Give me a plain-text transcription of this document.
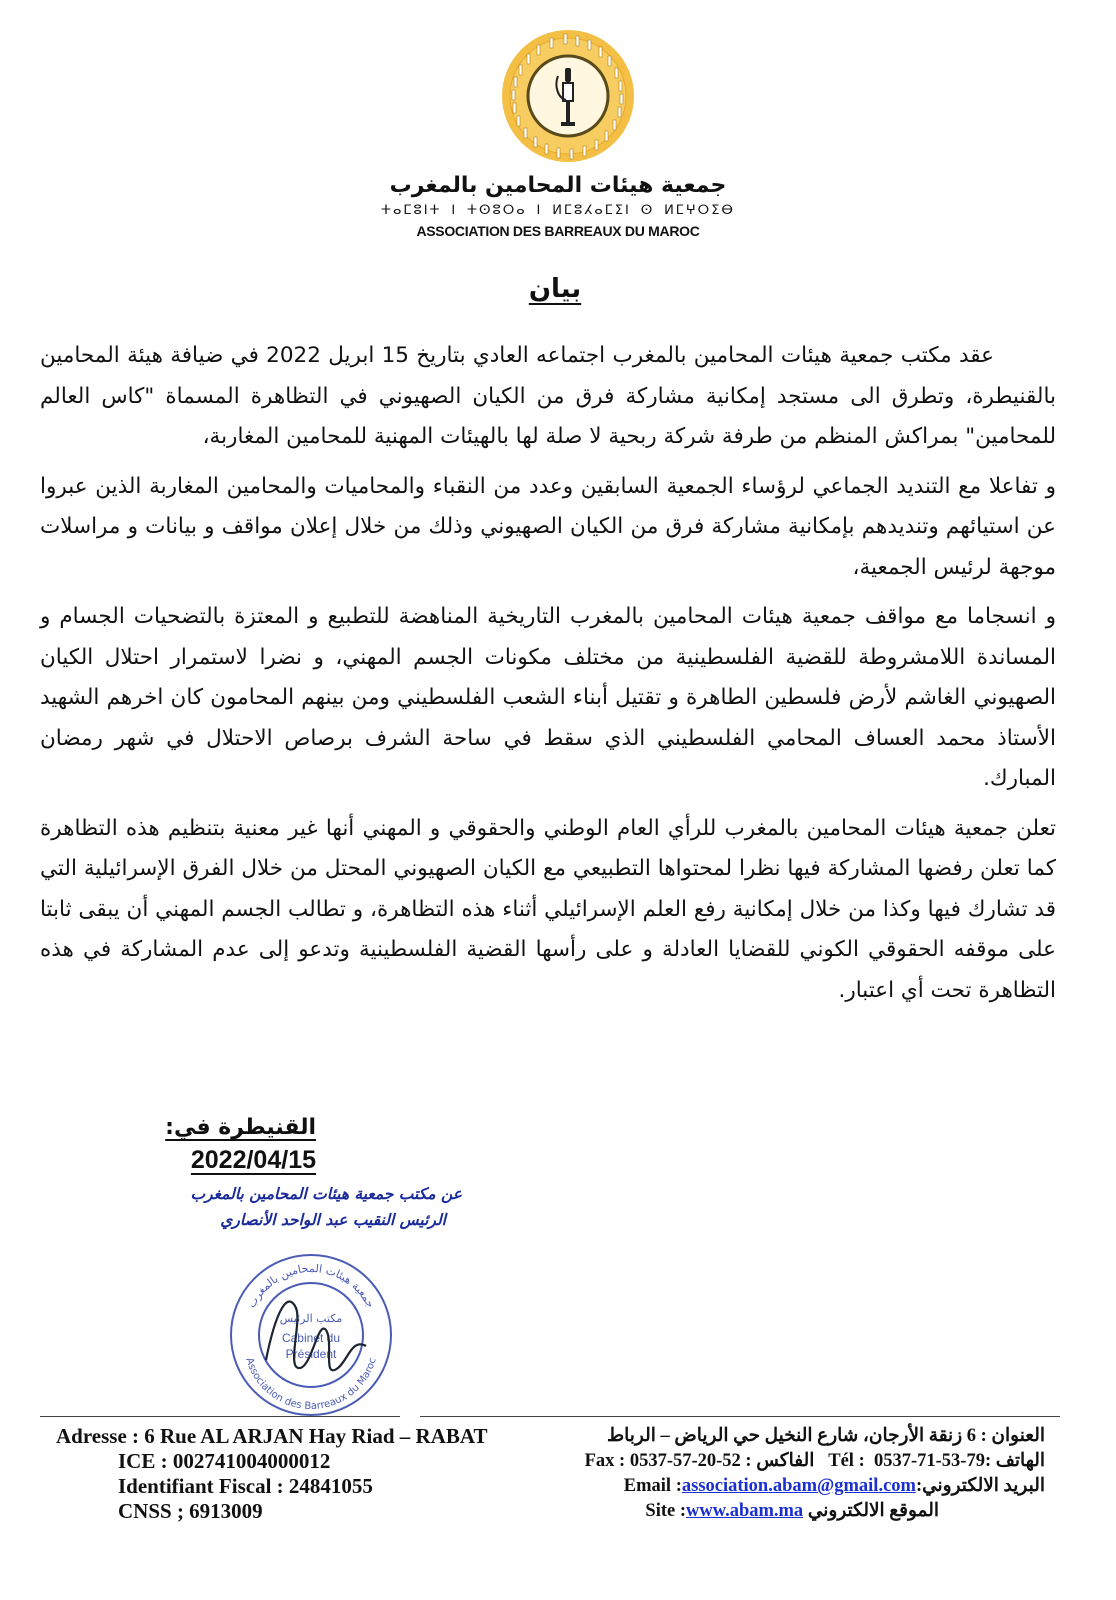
جمعية هيئات المحامين بالمغرب
ⵜⴰⵎⵓⵏⵜ ⵏ ⵜⵙⵓⵔⴰ ⵏ ⵍⵎⵓⵃⴰⵎⵉⵏ ⵙ ⵍⵎⵖⵔⵉⴱ
ASSOCIATION DES BARREAUX DU MAROC
بيان

عقد مكتب جمعية هيئات المحامين بالمغرب اجتماعه العادي بتاريخ 15 ابريل 2022 في ضيافة هيئة المحامين بالقنيطرة، وتطرق الى مستجد إمكانية مشاركة فرق من الكيان الصهيوني في التظاهرة المسماة "كاس العالم للمحامين" بمراكش المنظم من طرفة شركة ربحية لا صلة لها بالهيئات المهنية للمحامين المغاربة،

و تفاعلا مع التنديد الجماعي لرؤساء الجمعية السابقين وعدد من النقباء والمحاميات والمحامين المغاربة الذين عبروا عن استيائهم وتنديدهم بإمكانية مشاركة فرق من الكيان الصهيوني وذلك من خلال إعلان مواقف و بيانات و مراسلات موجهة لرئيس الجمعية،

و انسجاما مع مواقف جمعية هيئات المحامين بالمغرب التاريخية المناهضة للتطبيع و المعتزة بالتضحيات الجسام و المساندة اللامشروطة للقضية الفلسطينية من مختلف مكونات الجسم المهني، و نضرا لاستمرار احتلال الكيان الصهيوني الغاشم لأرض فلسطين الطاهرة و تقتيل أبناء الشعب الفلسطيني ومن بينهم المحامون كان اخرهم الشهيد الأستاذ محمد العساف المحامي الفلسطيني الذي سقط في ساحة الشرف برصاص الاحتلال في شهر رمضان المبارك.

تعلن جمعية هيئات المحامين بالمغرب للرأي العام الوطني والحقوقي و المهني أنها غير معنية بتنظيم هذه التظاهرة كما تعلن رفضها المشاركة فيها نظرا لمحتواها التطبيعي مع الكيان الصهيوني المحتل من خلال الفرق الإسرائيلية التي قد تشارك فيها وكذا من خلال إمكانية رفع العلم الإسرائيلي أثناء هذه التظاهرة، و تطالب الجسم المهني أن يبقى ثابتا على موقفه الحقوقي الكوني للقضايا العادلة و على رأسها القضية الفلسطينية وتدعو إلى عدم المشاركة في هذه التظاهرة تحت أي اعتبار.

القنيطرة في: 2022/04/15
عن مكتب جمعية هيئات المحامين بالمغرب
الرئيس النقيب عبد الواحد الأنصاري
جمعية هيئات المحامين بالمغرب
Association des Barreaux du Maroc
مكتب الرئيس
Cabinet du
Président
Adresse : 6 Rue AL ARJAN Hay Riad – RABAT
ICE : 002741004000012
Identifiant Fiscal : 24841055
CNSS ; 6913009
العنوان : 6 زنقة الأرجان، شارع النخيل حي الرياض – الرباط
الهاتف :0537-71-53-79 Tél :    الفاكس : 0537-57-20-52 Fax :
البريد الالكتروني:association.abam@gmail.comEmail :
الموقع الالكتروني www.abam.maSite :
